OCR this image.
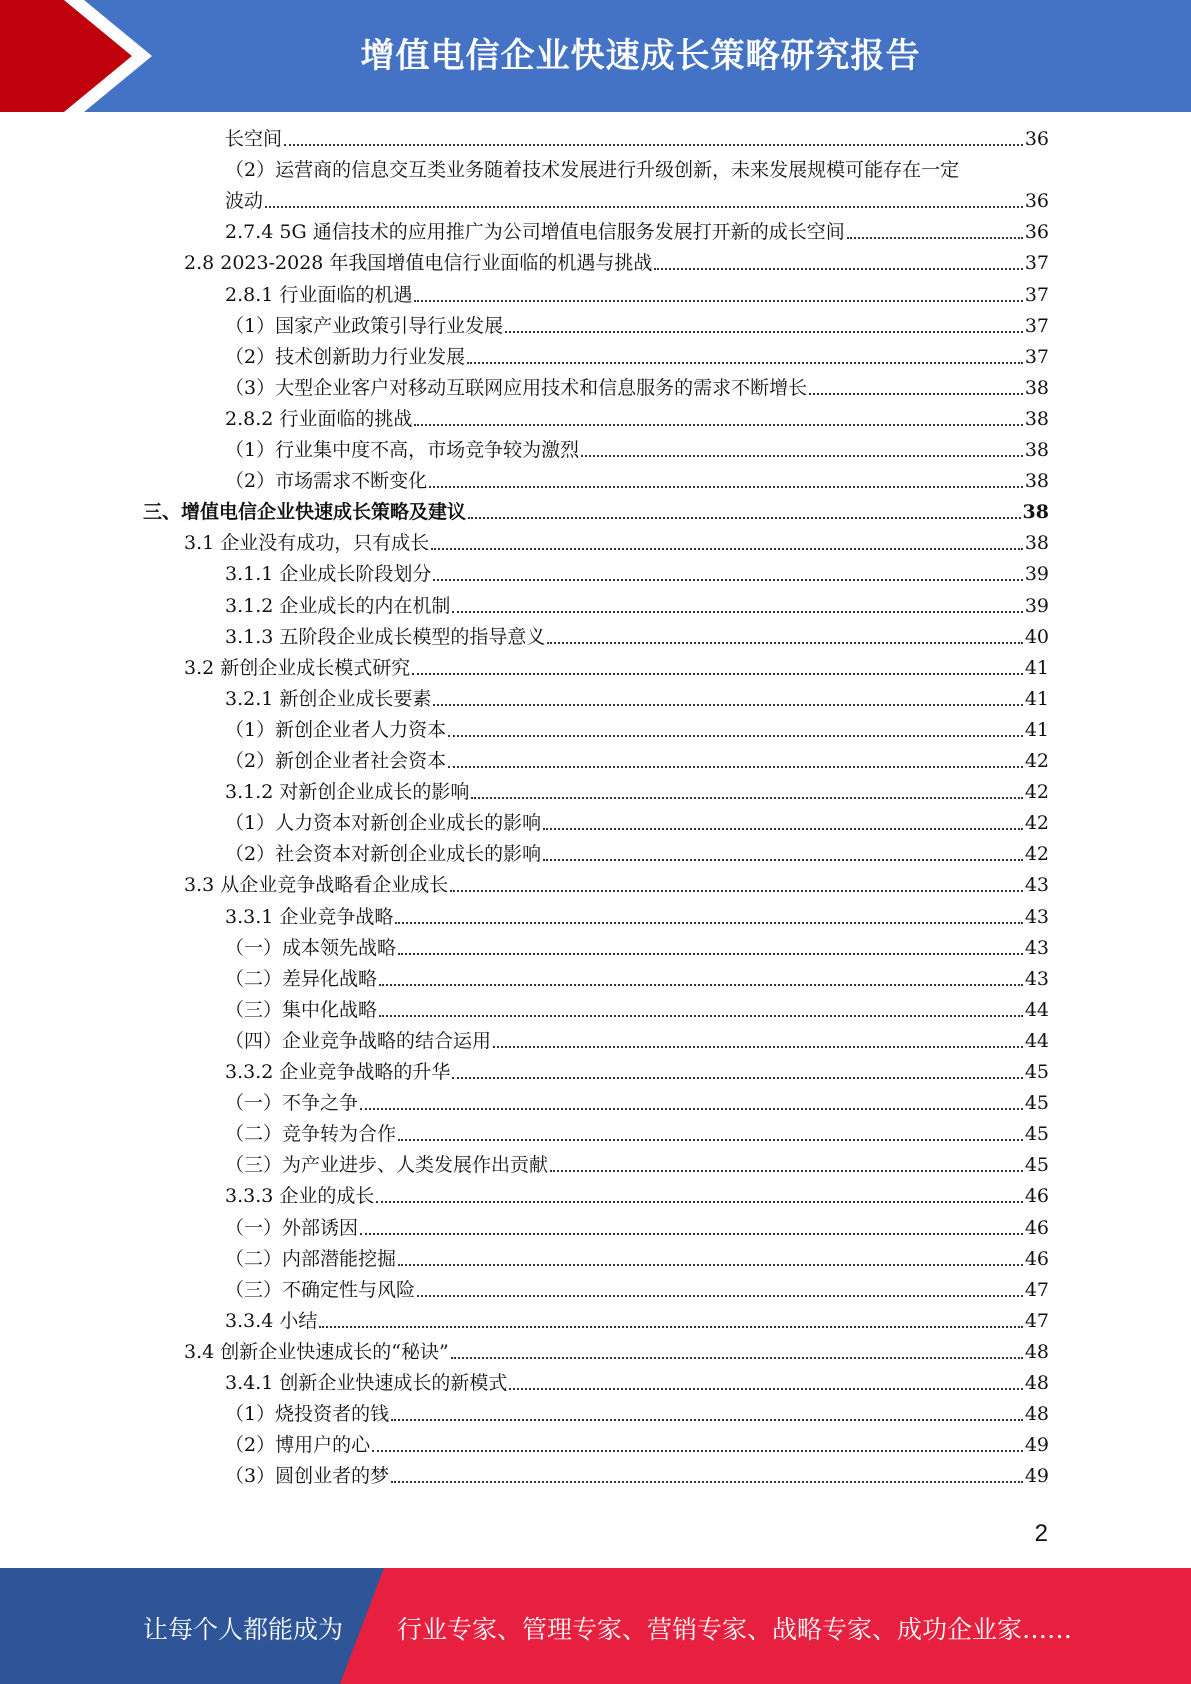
增值电信企业快速成长策略研究报告
长空间	36
（2）运营商的信息交互类业务随着技术发展进行升级创新，未来发展规模可能存在一定
波动	36
2.7.4 5G 通信技术的应用推广为公司增值电信服务发展打开新的成长空间	36
2.8 2023-2028 年我国增值电信行业面临的机遇与挑战	37
2.8.1 行业面临的机遇	37
（1）国家产业政策引导行业发展	37
（2）技术创新助力行业发展	37
（3）大型企业客户对移动互联网应用技术和信息服务的需求不断增长	38
2.8.2 行业面临的挑战	38
（1）行业集中度不高，市场竞争较为激烈	38
（2）市场需求不断变化	38
三、增值电信企业快速成长策略及建议	38
3.1 企业没有成功，只有成长	38
3.1.1 企业成长阶段划分	39
3.1.2 企业成长的内在机制	39
3.1.3 五阶段企业成长模型的指导意义	40
3.2 新创企业成长模式研究	41
3.2.1 新创企业成长要素	41
（1）新创企业者人力资本	41
（2）新创企业者社会资本	42
3.1.2 对新创企业成长的影响	42
（1）人力资本对新创企业成长的影响	42
（2）社会资本对新创企业成长的影响	42
3.3 从企业竞争战略看企业成长	43
3.3.1 企业竞争战略	43
（一）成本领先战略	43
（二）差异化战略	43
（三）集中化战略	44
（四）企业竞争战略的结合运用	44
3.3.2 企业竞争战略的升华	45
（一）不争之争	45
（二）竞争转为合作	45
（三）为产业进步、人类发展作出贡献	45
3.3.3 企业的成长	46
（一）外部诱因	46
（二）内部潜能挖掘	46
（三）不确定性与风险	47
3.3.4 小结	47
3.4 创新企业快速成长的“秘诀”	48
3.4.1 创新企业快速成长的新模式	48
（1）烧投资者的钱	48
（2）博用户的心	49
（3）圆创业者的梦	49
2
让每个人都能成为 行业专家、管理专家、营销专家、战略专家、成功企业家……
